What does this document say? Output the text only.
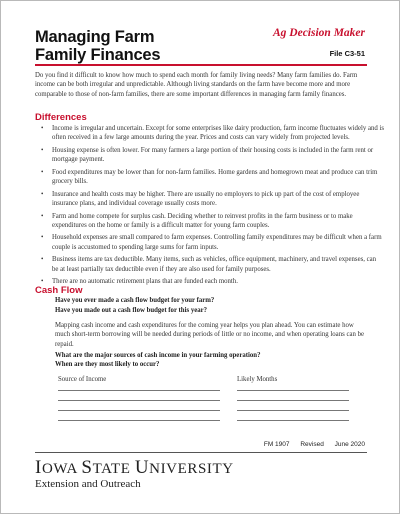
Managing Farm
Family Finances
Ag Decision Maker
File C3-51

Do you find it difficult to know how much to spend each month for family living needs? Many farm families do. Farm income can be both irregular and unpredictable. Although living standards on the farm have become more and more comparable to those of non-farm families, there are some important differences in managing farm family finances.

Differences
• Income is irregular and uncertain. Except for some enterprises like dairy production, farm income fluctuates widely and is often received in a few large amounts during the year. Prices and costs can vary widely from projected levels.
• Housing expense is often lower. For many farmers a large portion of their housing costs is included in the farm rent or mortgage payment.
• Food expenditures may be lower than for non-farm families. Home gardens and homegrown meat and produce can trim grocery bills.
• Insurance and health costs may be higher. There are usually no employers to pick up part of the cost of employee insurance plans, and individual coverage usually costs more.
• Farm and home compete for surplus cash. Deciding whether to reinvest profits in the farm business or to make expenditures on the home or family is a difficult matter for young farm couples.
• Household expenses are small compared to farm expenses. Controlling family expenditures may be difficult when a farm couple is accustomed to spending large sums for farm inputs.
• Business items are tax deductible. Many items, such as vehicles, office equipment, machinery, and travel expenses, can be at least partially tax deductible even if they are also used for family purposes.
• There are no automatic retirement plans that are funded each month.
Cash Flow
Have you ever made a cash flow budget for your farm?
Have you made out a cash flow budget for this year?

Mapping cash income and cash expenditures for the coming year helps you plan ahead. You can estimate how much short-term borrowing will be needed during periods of little or no income, and when operating loans can be repaid.

What are the major sources of cash income in your farming operation?
When are they most likely to occur?
Source of Income	Likely Months
FM 1907 Revised June 2020
IOWA STATE UNIVERSITY
Extension and Outreach
